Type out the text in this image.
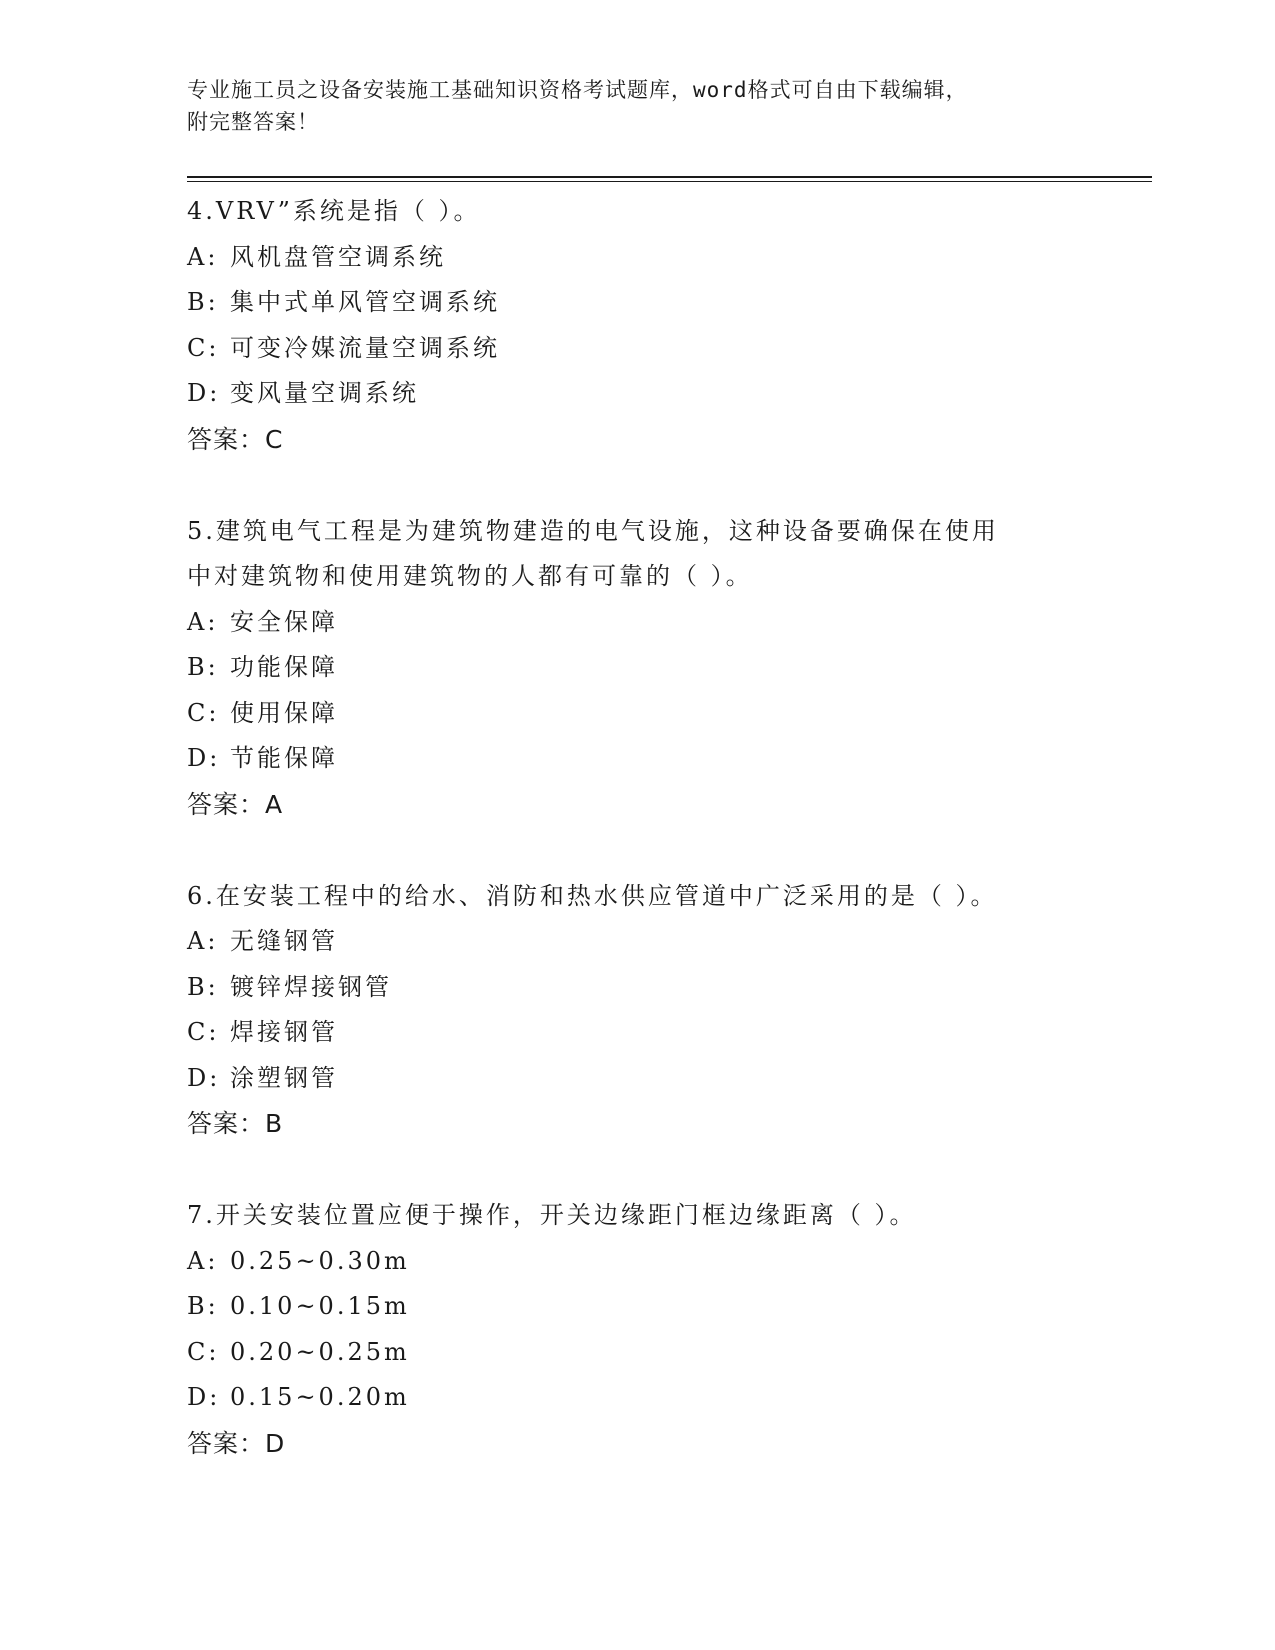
专业施工员之设备安装施工基础知识资格考试题库，word格式可自由下载编辑，
附完整答案！
4.VRV”系统是指（ ）。
A: 风机盘管空调系统
B: 集中式单风管空调系统
C: 可变冷媒流量空调系统
D: 变风量空调系统
答案：C
5.建筑电气工程是为建筑物建造的电气设施，这种设备要确保在使用
中对建筑物和使用建筑物的人都有可靠的（ ）。
A: 安全保障
B: 功能保障
C: 使用保障
D: 节能保障
答案：A
6.在安装工程中的给水、消防和热水供应管道中广泛采用的是（ ）。
A: 无缝钢管
B: 镀锌焊接钢管
C: 焊接钢管
D: 涂塑钢管
答案：B
7.开关安装位置应便于操作，开关边缘距门框边缘距离（ ）。
A: 0.25~0.30m
B: 0.10~0.15m
C: 0.20~0.25m
D: 0.15~0.20m
答案：D
